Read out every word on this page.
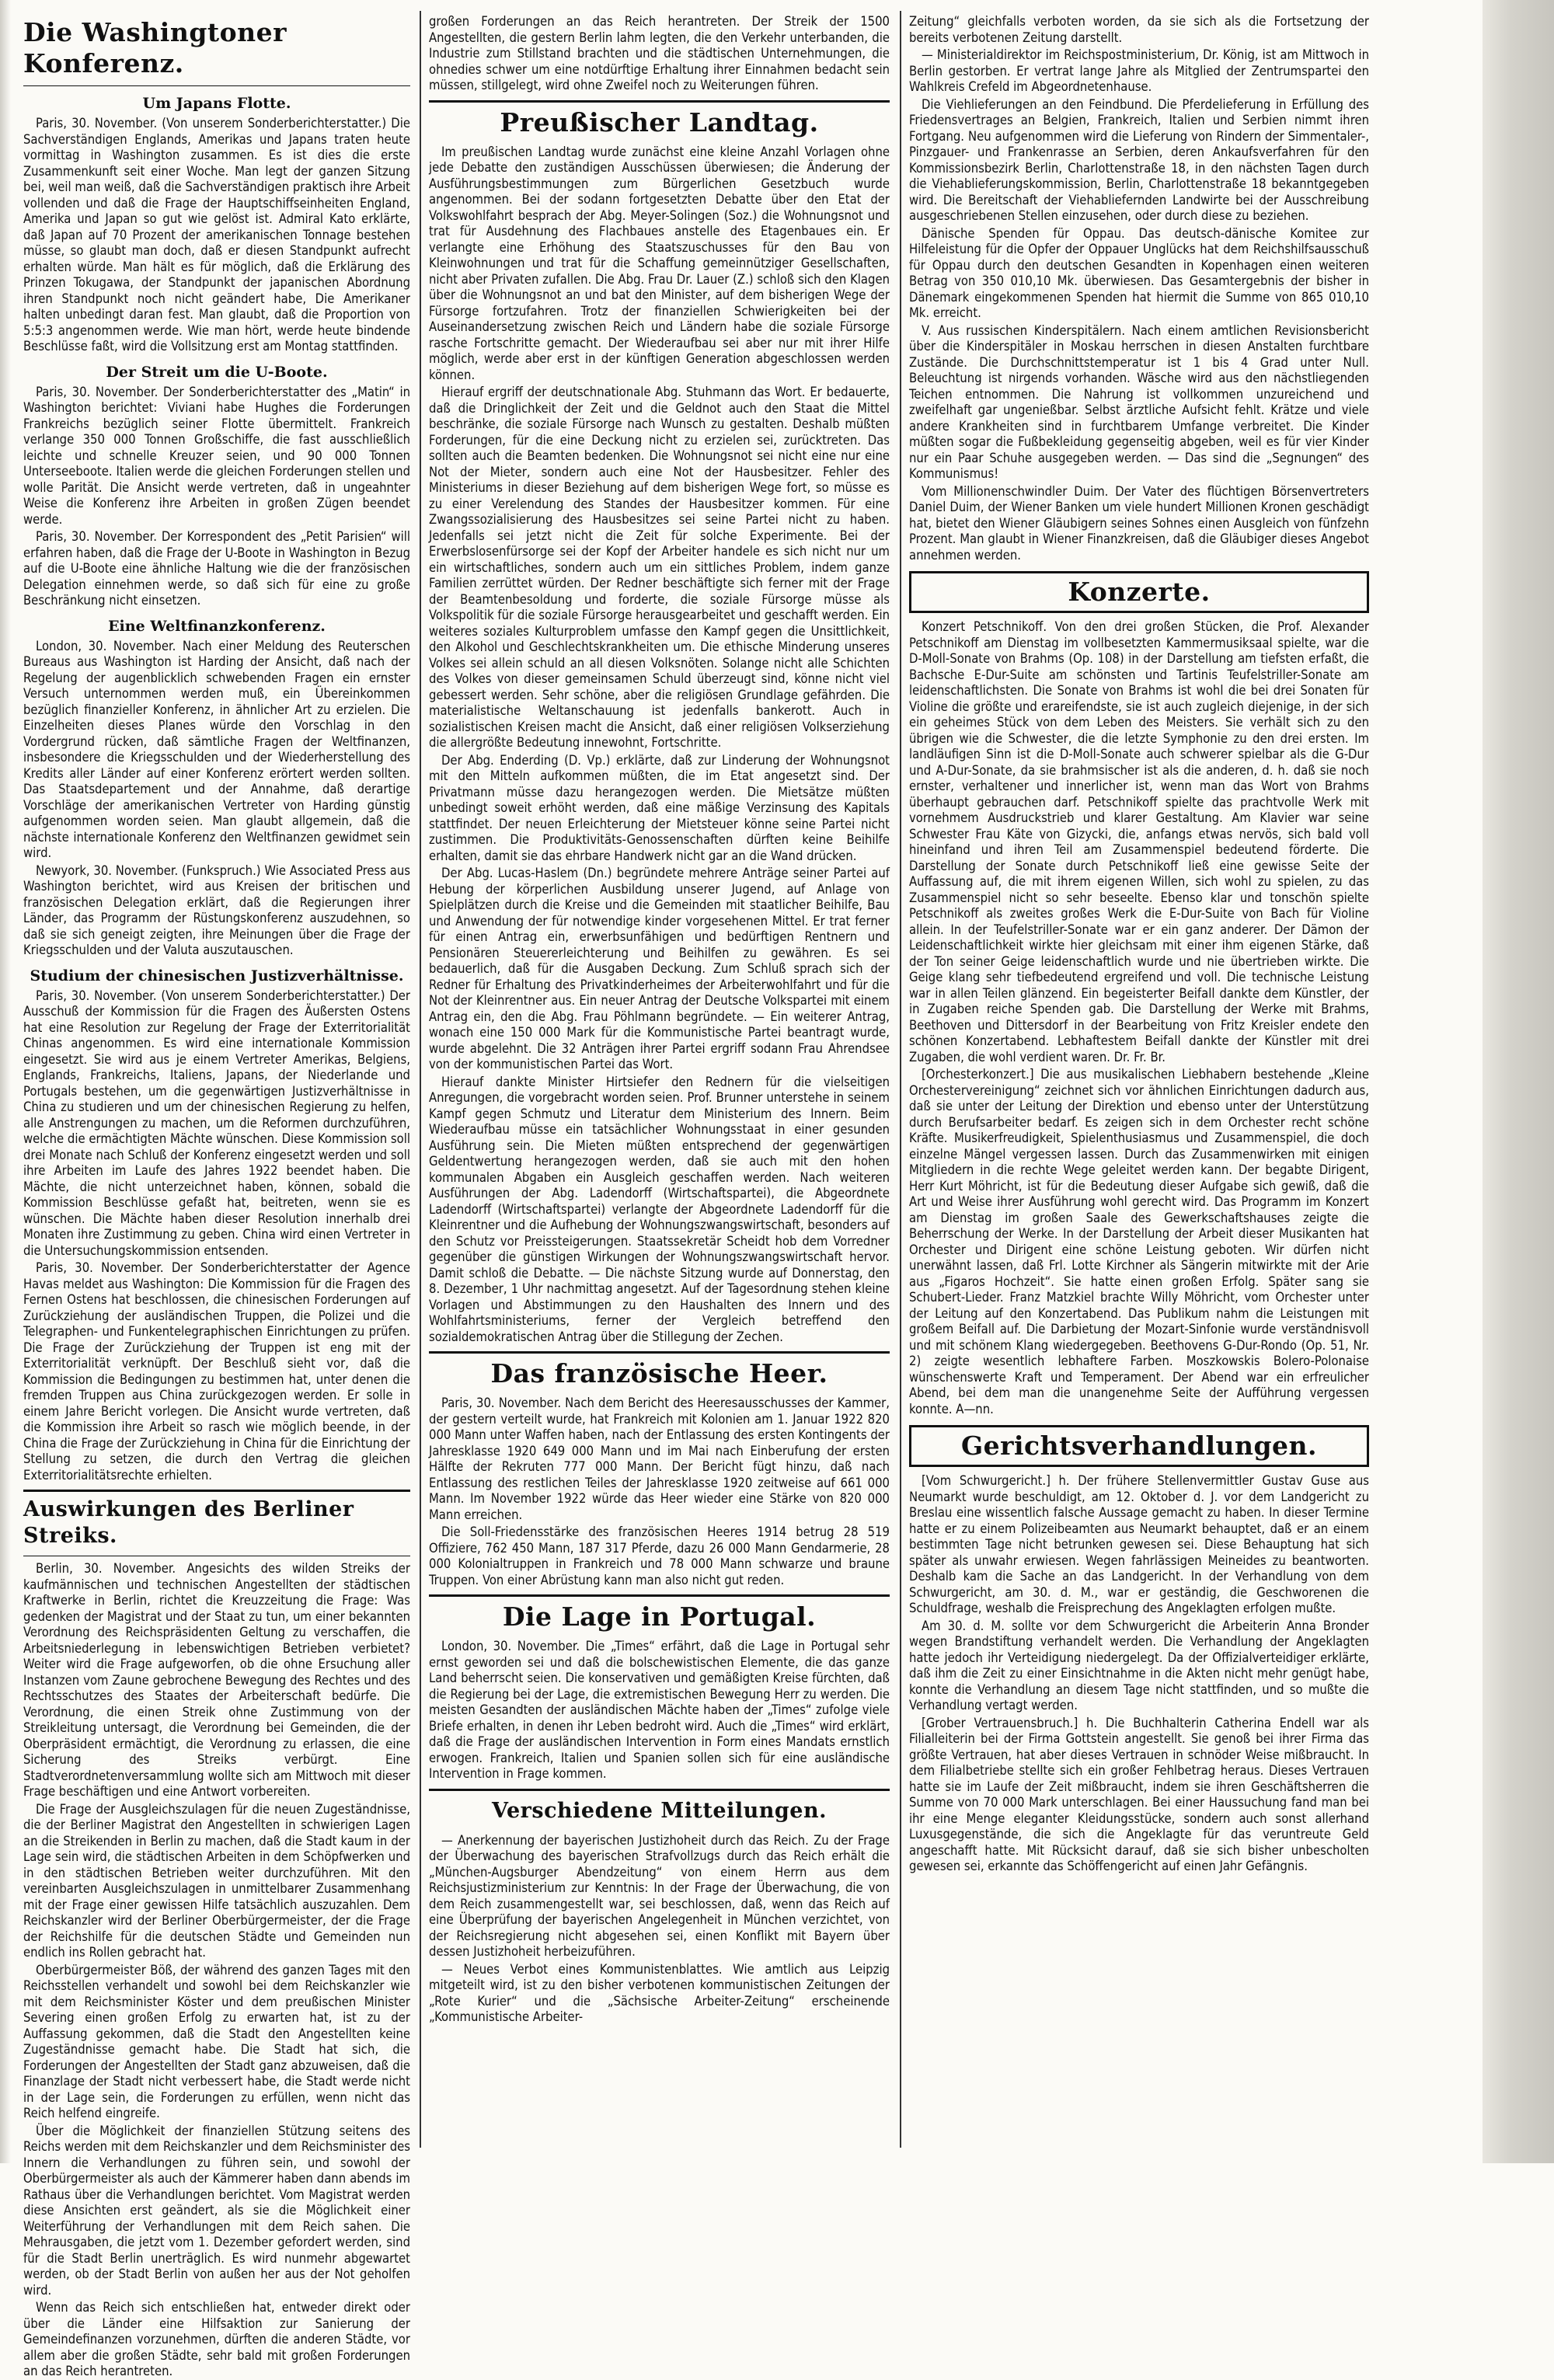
Die Washingtoner Konferenz.
Um Japans Flotte.

Paris, 30. November. (Von unserem Sonderberichterstatter.) Die Sachverständigen Englands, Amerikas und Japans traten heute vormittag in Washington zusammen. Es ist dies die erste Zusammenkunft seit einer Woche. Man legt der ganzen Sitzung bei, weil man weiß, daß die Sachverständigen praktisch ihre Arbeit vollenden und daß die Frage der Hauptschiffseinheiten England, Amerika und Japan so gut wie gelöst ist. Admiral Kato erklärte, daß Japan auf 70 Prozent der amerikanischen Tonnage bestehen müsse, so glaubt man doch, daß er diesen Standpunkt aufrecht erhalten würde. Man hält es für möglich, daß die Erklärung des Prinzen Tokugawa, der Standpunkt der japanischen Abordnung ihren Standpunkt noch nicht geändert habe, Die Amerikaner halten unbedingt daran fest. Man glaubt, daß die Proportion von 5:5:3 angenommen werde. Wie man hört, werde heute bindende Beschlüsse faßt, wird die Vollsitzung erst am Montag stattfinden.

Der Streit um die U-Boote.

Paris, 30. November. Der Sonderberichterstatter des „Matin“ in Washington berichtet: Viviani habe Hughes die Forderungen Frankreichs bezüglich seiner Flotte übermittelt. Frankreich verlange 350 000 Tonnen Großschiffe, die fast ausschließlich leichte und schnelle Kreuzer seien, und 90 000 Tonnen Unterseeboote. Italien werde die gleichen Forderungen stellen und wolle Parität. Die Ansicht werde vertreten, daß in ungeahnter Weise die Konferenz ihre Arbeiten in großen Zügen beendet werde.

Paris, 30. November. Der Korrespondent des „Petit Parisien“ will erfahren haben, daß die Frage der U-Boote in Washington in Bezug auf die U-Boote eine ähnliche Haltung wie die der französischen Delegation einnehmen werde, so daß sich für eine zu große Beschränkung nicht einsetzen.

Eine Weltfinanzkonferenz.

London, 30. November. Nach einer Meldung des Reuterschen Bureaus aus Washington ist Harding der Ansicht, daß nach der Regelung der augenblicklich schwebenden Fragen ein ernster Versuch unternommen werden muß, ein Übereinkommen bezüglich finanzieller Konferenz, in ähnlicher Art zu erzielen. Die Einzelheiten dieses Planes würde den Vorschlag in den Vordergrund rücken, daß sämtliche Fragen der Weltfinanzen, insbesondere die Kriegsschulden und der Wiederherstellung des Kredits aller Länder auf einer Konferenz erörtert werden sollten. Das Staatsdepartement und der Annahme, daß derartige Vorschläge der amerikanischen Vertreter von Harding günstig aufgenommen worden seien. Man glaubt allgemein, daß die nächste internationale Konferenz den Weltfinanzen gewidmet sein wird.

Newyork, 30. November. (Funkspruch.) Wie Associated Press aus Washington berichtet, wird aus Kreisen der britischen und französischen Delegation erklärt, daß die Regierungen ihrer Länder, das Programm der Rüstungskonferenz auszudehnen, so daß sie sich geneigt zeigten, ihre Meinungen über die Frage der Kriegsschulden und der Valuta auszutauschen.

Studium der chinesischen Justizverhältnisse.

Paris, 30. November. (Von unserem Sonderberichterstatter.) Der Ausschuß der Kommission für die Fragen des Äußersten Ostens hat eine Resolution zur Regelung der Frage der Exterritorialität Chinas angenommen. Es wird eine internationale Kommission eingesetzt. Sie wird aus je einem Vertreter Amerikas, Belgiens, Englands, Frankreichs, Italiens, Japans, der Niederlande und Portugals bestehen, um die gegenwärtigen Justizverhältnisse in China zu studieren und um der chinesischen Regierung zu helfen, alle Anstrengungen zu machen, um die Reformen durchzuführen, welche die ermächtigten Mächte wünschen. Diese Kommission soll drei Monate nach Schluß der Konferenz eingesetzt werden und soll ihre Arbeiten im Laufe des Jahres 1922 beendet haben. Die Mächte, die nicht unterzeichnet haben, können, sobald die Kommission Beschlüsse gefaßt hat, beitreten, wenn sie es wünschen. Die Mächte haben dieser Resolution innerhalb drei Monaten ihre Zustimmung zu geben. China wird einen Vertreter in die Untersuchungskommission entsenden.

Paris, 30. November. Der Sonderberichterstatter der Agence Havas meldet aus Washington: Die Kommission für die Fragen des Fernen Ostens hat beschlossen, die chinesischen Forderungen auf Zurückziehung der ausländischen Truppen, die Polizei und die Telegraphen- und Funkentelegraphischen Einrichtungen zu prüfen. Die Frage der Zurückziehung der Truppen ist eng mit der Exterritorialität verknüpft. Der Beschluß sieht vor, daß die Kommission die Bedingungen zu bestimmen hat, unter denen die fremden Truppen aus China zurückgezogen werden. Er solle in einem Jahre Bericht vorlegen. Die Ansicht wurde vertreten, daß die Kommission ihre Arbeit so rasch wie möglich beende, in der China die Frage der Zurückziehung in China für die Einrichtung der Stellung zu setzen, die durch den Vertrag die gleichen Exterritorialitätsrechte erhielten.

Auswirkungen des Berliner Streiks.

Berlin, 30. November. Angesichts des wilden Streiks der kaufmännischen und technischen Angestellten der städtischen Kraftwerke in Berlin, richtet die Kreuzzeitung die Frage: Was gedenken der Magistrat und der Staat zu tun, um einer bekannten Verordnung des Reichspräsidenten Geltung zu verschaffen, die Arbeitsniederlegung in lebenswichtigen Betrieben verbietet? Weiter wird die Frage aufgeworfen, ob die ohne Ersuchung aller Instanzen vom Zaune gebrochene Bewegung des Rechtes und des Rechtsschutzes des Staates der Arbeiterschaft bedürfe. Die Verordnung, die einen Streik ohne Zustimmung von der Streikleitung untersagt, die Verordnung bei Gemeinden, die der Oberpräsident ermächtigt, die Verordnung zu erlassen, die eine Sicherung des Streiks verbürgt. Eine Stadtverordnetenversammlung wollte sich am Mittwoch mit dieser Frage beschäftigen und eine Antwort vorbereiten.

Die Frage der Ausgleichszulagen für die neuen Zugeständnisse, die der Berliner Magistrat den Angestellten in schwierigen Lagen an die Streikenden in Berlin zu machen, daß die Stadt kaum in der Lage sein wird, die städtischen Arbeiten in dem Schöpfwerken und in den städtischen Betrieben weiter durchzuführen. Mit den vereinbarten Ausgleichszulagen in unmittelbarer Zusammenhang mit der Frage einer gewissen Hilfe tatsächlich auszuzahlen. Dem Reichskanzler wird der Berliner Oberbürgermeister, der die Frage der Reichshilfe für die deutschen Städte und Gemeinden nun endlich ins Rollen gebracht hat.

Oberbürgermeister Böß, der während des ganzen Tages mit den Reichsstellen verhandelt und sowohl bei dem Reichskanzler wie mit dem Reichsminister Köster und dem preußischen Minister Severing einen großen Erfolg zu erwarten hat, ist zu der Auffassung gekommen, daß die Stadt den Angestellten keine Zugeständnisse gemacht habe. Die Stadt hat sich, die Forderungen der Angestellten der Stadt ganz abzuweisen, daß die Finanzlage der Stadt nicht verbessert habe, die Stadt werde nicht in der Lage sein, die Forderungen zu erfüllen, wenn nicht das Reich helfend eingreife.

Über die Möglichkeit der finanziellen Stützung seitens des Reichs werden mit dem Reichskanzler und dem Reichsminister des Innern die Verhandlungen zu führen sein, und sowohl der Oberbürgermeister als auch der Kämmerer haben dann abends im Rathaus über die Verhandlungen berichtet. Vom Magistrat werden diese Ansichten erst geändert, als sie die Möglichkeit einer Weiterführung der Verhandlungen mit dem Reich sahen. Die Mehrausgaben, die jetzt vom 1. Dezember gefordert werden, sind für die Stadt Berlin unerträglich. Es wird nunmehr abgewartet werden, ob der Stadt Berlin von außen her aus der Not geholfen wird.

Wenn das Reich sich entschließen hat, entweder direkt oder über die Länder eine Hilfsaktion zur Sanierung der Gemeindefinanzen vorzunehmen, dürften die anderen Städte, vor allem aber die großen Städte, sehr bald mit großen Forderungen an das Reich herantreten.

großen Forderungen an das Reich herantreten. Der Streik der 1500 Angestellten, die gestern Berlin lahm legten, die den Verkehr unterbanden, die Industrie zum Stillstand brachten und die städtischen Unternehmungen, die ohnedies schwer um eine notdürftige Erhaltung ihrer Einnahmen bedacht sein müssen, stillgelegt, wird ohne Zweifel noch zu Weiterungen führen.

Preußischer Landtag.

Im preußischen Landtag wurde zunächst eine kleine Anzahl Vorlagen ohne jede Debatte den zuständigen Ausschüssen überwiesen; die Änderung der Ausführungsbestimmungen zum Bürgerlichen Gesetzbuch wurde angenommen. Bei der sodann fortgesetzten Debatte über den Etat der Volkswohlfahrt besprach der Abg. Meyer-Solingen (Soz.) die Wohnungsnot und trat für Ausdehnung des Flachbaues anstelle des Etagenbaues ein. Er verlangte eine Erhöhung des Staatszuschusses für den Bau von Kleinwohnungen und trat für die Schaffung gemeinnütziger Gesellschaften, nicht aber Privaten zufallen. Die Abg. Frau Dr. Lauer (Z.) schloß sich den Klagen über die Wohnungsnot an und bat den Minister, auf dem bisherigen Wege der Fürsorge fortzufahren. Trotz der finanziellen Schwierigkeiten bei der Auseinandersetzung zwischen Reich und Ländern habe die soziale Fürsorge rasche Fortschritte gemacht. Der Wiederaufbau sei aber nur mit ihrer Hilfe möglich, werde aber erst in der künftigen Generation abgeschlossen werden können.

Hierauf ergriff der deutschnationale Abg. Stuhmann das Wort. Er bedauerte, daß die Dringlichkeit der Zeit und die Geldnot auch den Staat die Mittel beschränke, die soziale Fürsorge nach Wunsch zu gestalten. Deshalb müßten Forderungen, für die eine Deckung nicht zu erzielen sei, zurücktreten. Das sollten auch die Beamten bedenken. Die Wohnungsnot sei nicht eine nur eine Not der Mieter, sondern auch eine Not der Hausbesitzer. Fehler des Ministeriums in dieser Beziehung auf dem bisherigen Wege fort, so müsse es zu einer Verelendung des Standes der Hausbesitzer kommen. Für eine Zwangssozialisierung des Hausbesitzes sei seine Partei nicht zu haben. Jedenfalls sei jetzt nicht die Zeit für solche Experimente. Bei der Erwerbslosenfürsorge sei der Kopf der Arbeiter handele es sich nicht nur um ein wirtschaftliches, sondern auch um ein sittliches Problem, indem ganze Familien zerrüttet würden. Der Redner beschäftigte sich ferner mit der Frage der Beamtenbesoldung und forderte, die soziale Fürsorge müsse als Volkspolitik für die soziale Fürsorge herausgearbeitet und geschafft werden. Ein weiteres soziales Kulturproblem umfasse den Kampf gegen die Unsittlichkeit, den Alkohol und Geschlechtskrankheiten um. Die ethische Minderung unseres Volkes sei allein schuld an all diesen Volksnöten. Solange nicht alle Schichten des Volkes von dieser gemeinsamen Schuld überzeugt sind, könne nicht viel gebessert werden. Sehr schöne, aber die religiösen Grundlage gefährden. Die materialistische Weltanschauung ist jedenfalls bankerott. Auch in sozialistischen Kreisen macht die Ansicht, daß einer religiösen Volkserziehung die allergrößte Bedeutung innewohnt, Fortschritte.

Der Abg. Enderding (D. Vp.) erklärte, daß zur Linderung der Wohnungsnot mit den Mitteln aufkommen müßten, die im Etat angesetzt sind. Der Privatmann müsse dazu herangezogen werden. Die Mietsätze müßten unbedingt soweit erhöht werden, daß eine mäßige Verzinsung des Kapitals stattfindet. Der neuen Erleichterung der Mietsteuer könne seine Partei nicht zustimmen. Die Produktivitäts-Genossenschaften dürften keine Beihilfe erhalten, damit sie das ehrbare Handwerk nicht gar an die Wand drücken.

Der Abg. Lucas-Haslem (Dn.) begründete mehrere Anträge seiner Partei auf Hebung der körperlichen Ausbildung unserer Jugend, auf Anlage von Spielplätzen durch die Kreise und die Gemeinden mit staatlicher Beihilfe, Bau und Anwendung der für notwendige kinder vorgesehenen Mittel. Er trat ferner für einen Antrag ein, erwerbsunfähigen und bedürftigen Rentnern und Pensionären Steuererleichterung und Beihilfen zu gewähren. Es sei bedauerlich, daß für die Ausgaben Deckung. Zum Schluß sprach sich der Redner für Erhaltung des Privatkinderheimes der Arbeiterwohlfahrt und für die Not der Kleinrentner aus. Ein neuer Antrag der Deutsche Volkspartei mit einem Antrag ein, den die Abg. Frau Pöhlmann begründete. — Ein weiterer Antrag, wonach eine 150 000 Mark für die Kommunistische Partei beantragt wurde, wurde abgelehnt. Die 32 Anträgen ihrer Partei ergriff sodann Frau Ahrendsee von der kommunistischen Partei das Wort.

Hierauf dankte Minister Hirtsiefer den Rednern für die vielseitigen Anregungen, die vorgebracht worden seien. Prof. Brunner unterstehe in seinem Kampf gegen Schmutz und Literatur dem Ministerium des Innern. Beim Wiederaufbau müsse ein tatsächlicher Wohnungsstaat in einer gesunden Ausführung sein. Die Mieten müßten entsprechend der gegenwärtigen Geldentwertung herangezogen werden, daß sie auch mit den hohen kommunalen Abgaben ein Ausgleich geschaffen werden. Nach weiteren Ausführungen der Abg. Ladendorff (Wirtschaftspartei), die Abgeordnete Ladendorff (Wirtschaftspartei) verlangte der Abgeordnete Ladendorff für die Kleinrentner und die Aufhebung der Wohnungszwangswirtschaft, besonders auf den Schutz vor Preissteigerungen. Staatssekretär Scheidt hob dem Vorredner gegenüber die günstigen Wirkungen der Wohnungszwangswirtschaft hervor. Damit schloß die Debatte. — Die nächste Sitzung wurde auf Donnerstag, den 8. Dezember, 1 Uhr nachmittag angesetzt. Auf der Tagesordnung stehen kleine Vorlagen und Abstimmungen zu den Haushalten des Innern und des Wohlfahrtsministeriums, ferner der Vergleich betreffend den sozialdemokratischen Antrag über die Stillegung der Zechen.

Das französische Heer.

Paris, 30. November. Nach dem Bericht des Heeresausschusses der Kammer, der gestern verteilt wurde, hat Frankreich mit Kolonien am 1. Januar 1922 820 000 Mann unter Waffen haben, nach der Entlassung des ersten Kontingents der Jahresklasse 1920 649 000 Mann und im Mai nach Einberufung der ersten Hälfte der Rekruten 777 000 Mann. Der Bericht fügt hinzu, daß nach Entlassung des restlichen Teiles der Jahresklasse 1920 zeitweise auf 661 000 Mann. Im November 1922 würde das Heer wieder eine Stärke von 820 000 Mann erreichen.

Die Soll-Friedensstärke des französischen Heeres 1914 betrug 28 519 Offiziere, 762 450 Mann, 187 317 Pferde, dazu 26 000 Mann Gendarmerie, 28 000 Kolonialtruppen in Frankreich und 78 000 Mann schwarze und braune Truppen. Von einer Abrüstung kann man also nicht gut reden.

Die Lage in Portugal.

London, 30. November. Die „Times“ erfährt, daß die Lage in Portugal sehr ernst geworden sei und daß die bolschewistischen Elemente, die das ganze Land beherrscht seien. Die konservativen und gemäßigten Kreise fürchten, daß die Regierung bei der Lage, die extremistischen Bewegung Herr zu werden. Die meisten Gesandten der ausländischen Mächte haben der „Times“ zufolge viele Briefe erhalten, in denen ihr Leben bedroht wird. Auch die „Times“ wird erklärt, daß die Frage der ausländischen Intervention in Form eines Mandats ernstlich erwogen. Frankreich, Italien und Spanien sollen sich für eine ausländische Intervention in Frage kommen.

Verschiedene Mitteilungen.

— Anerkennung der bayerischen Justizhoheit durch das Reich. Zu der Frage der Überwachung des bayerischen Strafvollzugs durch das Reich erhält die „München-Augsburger Abendzeitung“ von einem Herrn aus dem Reichsjustizministerium zur Kenntnis: In der Frage der Überwachung, die von dem Reich zusammengestellt war, sei beschlossen, daß, wenn das Reich auf eine Überprüfung der bayerischen Angelegenheit in München verzichtet, von der Reichsregierung nicht abgesehen sei, einen Konflikt mit Bayern über dessen Justizhoheit herbeizuführen.

— Neues Verbot eines Kommunistenblattes. Wie amtlich aus Leipzig mitgeteilt wird, ist zu den bisher verbotenen kommunistischen Zeitungen der „Rote Kurier“ und die „Sächsische Arbeiter-Zeitung“ erscheinende „Kommunistische Arbeiter-

Zeitung“ gleichfalls verboten worden, da sie sich als die Fortsetzung der bereits verbotenen Zeitung darstellt.

— Ministerialdirektor im Reichspostministerium, Dr. König, ist am Mittwoch in Berlin gestorben. Er vertrat lange Jahre als Mitglied der Zentrumspartei den Wahlkreis Crefeld im Abgeordnetenhause.

Die Viehlieferungen an den Feindbund. Die Pferdelieferung in Erfüllung des Friedensvertrages an Belgien, Frankreich, Italien und Serbien nimmt ihren Fortgang. Neu aufgenommen wird die Lieferung von Rindern der Simmentaler-, Pinzgauer- und Frankenrasse an Serbien, deren Ankaufsverfahren für den Kommissionsbezirk Berlin, Charlottenstraße 18, in den nächsten Tagen durch die Viehablieferungskommission, Berlin, Charlottenstraße 18 bekanntgegeben wird. Die Bereitschaft der Viehabliefernden Landwirte bei der Ausschreibung ausgeschriebenen Stellen einzusehen, oder durch diese zu beziehen.

Dänische Spenden für Oppau. Das deutsch-dänische Komitee zur Hilfeleistung für die Opfer der Oppauer Unglücks hat dem Reichshilfsausschuß für Oppau durch den deutschen Gesandten in Kopenhagen einen weiteren Betrag von 350 010,10 Mk. überwiesen. Das Gesamtergebnis der bisher in Dänemark eingekommenen Spenden hat hiermit die Summe von 865 010,10 Mk. erreicht.

V. Aus russischen Kinderspitälern. Nach einem amtlichen Revisionsbericht über die Kinderspitäler in Moskau herrschen in diesen Anstalten furchtbare Zustände. Die Durchschnittstemperatur ist 1 bis 4 Grad unter Null. Beleuchtung ist nirgends vorhanden. Wäsche wird aus den nächstliegenden Teichen entnommen. Die Nahrung ist vollkommen unzureichend und zweifelhaft gar ungenießbar. Selbst ärztliche Aufsicht fehlt. Krätze und viele andere Krankheiten sind in furchtbarem Umfange verbreitet. Die Kinder müßten sogar die Fußbekleidung gegenseitig abgeben, weil es für vier Kinder nur ein Paar Schuhe ausgegeben werden. — Das sind die „Segnungen“ des Kommunismus!

Vom Millionenschwindler Duim. Der Vater des flüchtigen Börsenvertreters Daniel Duim, der Wiener Banken um viele hundert Millionen Kronen geschädigt hat, bietet den Wiener Gläubigern seines Sohnes einen Ausgleich von fünfzehn Prozent. Man glaubt in Wiener Finanzkreisen, daß die Gläubiger dieses Angebot annehmen werden.

Konzerte.

Konzert Petschnikoff. Von den drei großen Stücken, die Prof. Alexander Petschnikoff am Dienstag im vollbesetzten Kammermusiksaal spielte, war die D-Moll-Sonate von Brahms (Op. 108) in der Darstellung am tiefsten erfaßt, die Bachsche E-Dur-Suite am schönsten und Tartinis Teufelstriller-Sonate am leidenschaftlichsten. Die Sonate von Brahms ist wohl die bei drei Sonaten für Violine die größte und erareifendste, sie ist auch zugleich diejenige, in der sich ein geheimes Stück von dem Leben des Meisters. Sie verhält sich zu den übrigen wie die Schwester, die die letzte Symphonie zu den drei ersten. Im landläufigen Sinn ist die D-Moll-Sonate auch schwerer spielbar als die G-Dur und A-Dur-Sonate, da sie brahmsischer ist als die anderen, d. h. daß sie noch ernster, verhaltener und innerlicher ist, wenn man das Wort von Brahms überhaupt gebrauchen darf. Petschnikoff spielte das prachtvolle Werk mit vornehmem Ausdruckstrieb und klarer Gestaltung. Am Klavier war seine Schwester Frau Käte von Gizycki, die, anfangs etwas nervös, sich bald voll hineinfand und ihren Teil am Zusammenspiel bedeutend förderte. Die Darstellung der Sonate durch Petschnikoff ließ eine gewisse Seite der Auffassung auf, die mit ihrem eigenen Willen, sich wohl zu spielen, zu das Zusammenspiel nicht so sehr beseelte. Ebenso klar und tonschön spielte Petschnikoff als zweites großes Werk die E-Dur-Suite von Bach für Violine allein. In der Teufelstriller-Sonate war er ein ganz anderer. Der Dämon der Leidenschaftlichkeit wirkte hier gleichsam mit einer ihm eigenen Stärke, daß der Ton seiner Geige leidenschaftlich wurde und nie übertrieben wirkte. Die Geige klang sehr tiefbedeutend ergreifend und voll. Die technische Leistung war in allen Teilen glänzend. Ein begeisterter Beifall dankte dem Künstler, der in Zugaben reiche Spenden gab. Die Darstellung der Werke mit Brahms, Beethoven und Dittersdorf in der Bearbeitung von Fritz Kreisler endete den schönen Konzertabend. Lebhaftestem Beifall dankte der Künstler mit drei Zugaben, die wohl verdient waren. Dr. Fr. Br.

[Orchesterkonzert.] Die aus musikalischen Liebhabern bestehende „Kleine Orchestervereinigung“ zeichnet sich vor ähnlichen Einrichtungen dadurch aus, daß sie unter der Leitung der Direktion und ebenso unter der Unterstützung durch Berufsarbeiter bedarf. Es zeigen sich in dem Orchester recht schöne Kräfte. Musikerfreudigkeit, Spielenthusiasmus und Zusammenspiel, die doch einzelne Mängel vergessen lassen. Durch das Zusammenwirken mit einigen Mitgliedern in die rechte Wege geleitet werden kann. Der begabte Dirigent, Herr Kurt Möhricht, ist für die Bedeutung dieser Aufgabe sich gewiß, daß die Art und Weise ihrer Ausführung wohl gerecht wird. Das Programm im Konzert am Dienstag im großen Saale des Gewerkschaftshauses zeigte die Beherrschung der Werke. In der Darstellung der Arbeit dieser Musikanten hat Orchester und Dirigent eine schöne Leistung geboten. Wir dürfen nicht unerwähnt lassen, daß Frl. Lotte Kirchner als Sängerin mitwirkte mit der Arie aus „Figaros Hochzeit“. Sie hatte einen großen Erfolg. Später sang sie Schubert-Lieder. Franz Matzkiel brachte Willy Möhricht, vom Orchester unter der Leitung auf den Konzertabend. Das Publikum nahm die Leistungen mit großem Beifall auf. Die Darbietung der Mozart-Sinfonie wurde verständnisvoll und mit schönem Klang wiedergegeben. Beethovens G-Dur-Rondo (Op. 51, Nr. 2) zeigte wesentlich lebhaftere Farben. Moszkowskis Bolero-Polonaise wünschenswerte Kraft und Temperament. Der Abend war ein erfreulicher Abend, bei dem man die unangenehme Seite der Aufführung vergessen konnte. A—nn.

Gerichtsverhandlungen.

[Vom Schwurgericht.] h. Der frühere Stellenvermittler Gustav Guse aus Neumarkt wurde beschuldigt, am 12. Oktober d. J. vor dem Landgericht zu Breslau eine wissentlich falsche Aussage gemacht zu haben. In dieser Termine hatte er zu einem Polizeibeamten aus Neumarkt behauptet, daß er an einem bestimmten Tage nicht betrunken gewesen sei. Diese Behauptung hat sich später als unwahr erwiesen. Wegen fahrlässigen Meineides zu beantworten. Deshalb kam die Sache an das Landgericht. In der Verhandlung von dem Schwurgericht, am 30. d. M., war er geständig, die Geschworenen die Schuldfrage, weshalb die Freisprechung des Angeklagten erfolgen mußte.

Am 30. d. M. sollte vor dem Schwurgericht die Arbeiterin Anna Bronder wegen Brandstiftung verhandelt werden. Die Verhandlung der Angeklagten hatte jedoch ihr Verteidigung niedergelegt. Da der Offizialverteidiger erklärte, daß ihm die Zeit zu einer Einsichtnahme in die Akten nicht mehr genügt habe, konnte die Verhandlung an diesem Tage nicht stattfinden, und so mußte die Verhandlung vertagt werden.

[Grober Vertrauensbruch.] h. Die Buchhalterin Catherina Endell war als Filialleiterin bei der Firma Gottstein angestellt. Sie genoß bei ihrer Firma das größte Vertrauen, hat aber dieses Vertrauen in schnöder Weise mißbraucht. In dem Filialbetriebe stellte sich ein großer Fehlbetrag heraus. Dieses Vertrauen hatte sie im Laufe der Zeit mißbraucht, indem sie ihren Geschäftsherren die Summe von 70 000 Mark unterschlagen. Bei einer Haussuchung fand man bei ihr eine Menge eleganter Kleidungsstücke, sondern auch sonst allerhand Luxusgegenstände, die sich die Angeklagte für das veruntreute Geld angeschafft hatte. Mit Rücksicht darauf, daß sie sich bisher unbescholten gewesen sei, erkannte das Schöffengericht auf einen Jahr Gefängnis.
